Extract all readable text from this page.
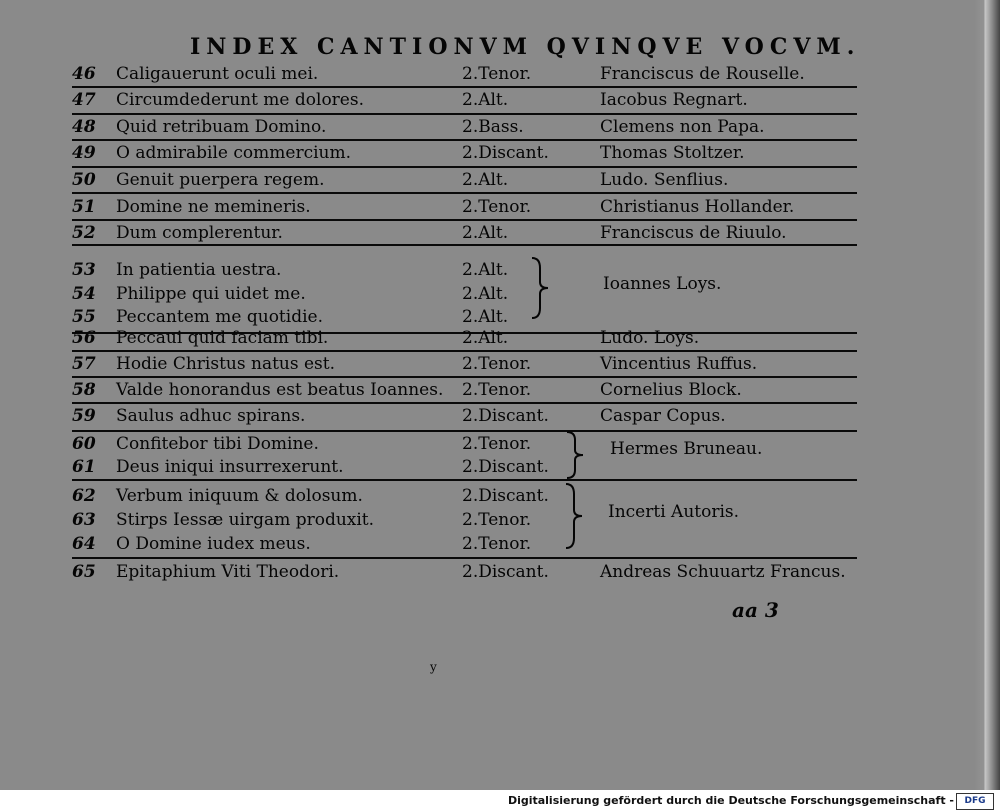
INDEX CANTIONVM QVINQVE VOCVM.
46	Caligauerunt oculi mei.	2.Tenor.	Franciscus de Rouselle.
47	Circumdederunt me dolores.	2.Alt.	Iacobus Regnart.
48	Quid retribuam Domino.	2.Bass.	Clemens non Papa.
49	O admirabile commercium.	2.Discant.	Thomas Stoltzer.
50	Genuit puerpera regem.	2.Alt.	Ludo. Senflius.
51	Domine ne memineris.	2.Tenor.	Christianus Hollander.
52	Dum complerentur.	2.Alt.	Franciscus de Riuulo.
53	In patientia uestra.	2.Alt.
54	Philippe qui uidet me.	2.Alt.
55	Peccantem me quotidie.	2.Alt.
Ioannes Loys.
56	Peccaui quid faciam tibi.	2.Alt.	Ludo. Loys.
57	Hodie Christus natus est.	2.Tenor.	Vincentius Ruffus.
58	Valde honorandus est beatus Ioannes.	2.Tenor.	Cornelius Block.
59	Saulus adhuc spirans.	2.Discant.	Caspar Copus.
60	Confitebor tibi Domine.	2.Tenor.
61	Deus iniqui insurrexerunt.	2.Discant.
Hermes Bruneau.
62	Verbum iniquum & dolosum.	2.Discant.
63	Stirps Iessæ uirgam produxit.	2.Tenor.
64	O Domine iudex meus.	2.Tenor.
Incerti Autoris.
65	Epitaphium Viti Theodori.	2.Discant.	Andreas Schuuartz Francus.
aa 3
y
Digitalisierung gefördert durch die Deutsche Forschungsgemeinschaft -	DFG
